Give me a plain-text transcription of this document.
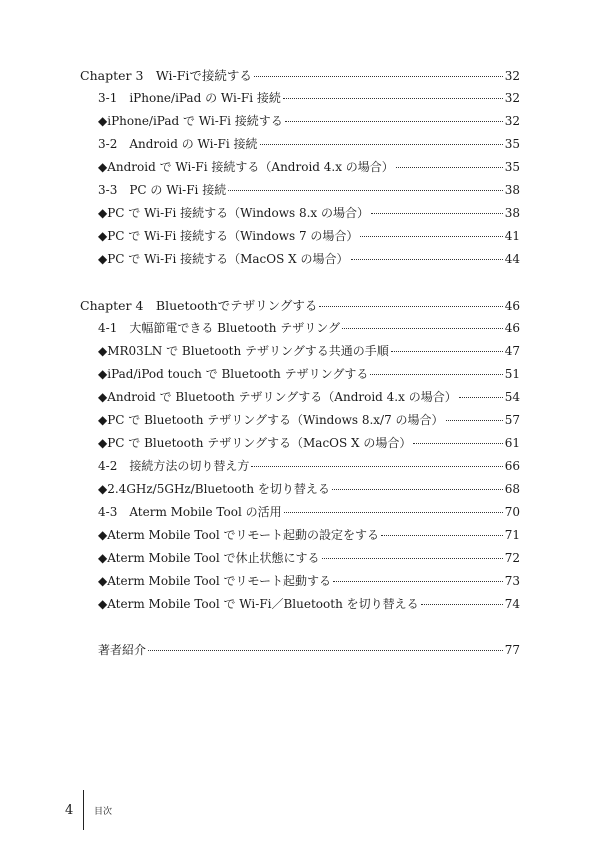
Chapter 3　Wi-Fiで接続する	32
3-1　iPhone/iPad の Wi-Fi 接続	32
◆iPhone/iPad で Wi-Fi 接続する	32
3-2　Android の Wi-Fi 接続	35
◆Android で Wi-Fi 接続する（Android 4.x の場合）	35
3-3　PC の Wi-Fi 接続	38
◆PC で Wi-Fi 接続する（Windows 8.x の場合）	38
◆PC で Wi-Fi 接続する（Windows 7 の場合）	41
◆PC で Wi-Fi 接続する（MacOS X の場合）	44
Chapter 4　Bluetoothでテザリングする	46
4-1　大幅節電できる Bluetooth テザリング	46
◆MR03LN で Bluetooth テザリングする共通の手順	47
◆iPad/iPod touch で Bluetooth テザリングする	51
◆Android で Bluetooth テザリングする（Android 4.x の場合）	54
◆PC で Bluetooth テザリングする（Windows 8.x/7 の場合）	57
◆PC で Bluetooth テザリングする（MacOS X の場合）	61
4-2　接続方法の切り替え方	66
◆2.4GHz/5GHz/Bluetooth を切り替える	68
4-3　Aterm Mobile Tool の活用	70
◆Aterm Mobile Tool でリモート起動の設定をする	71
◆Aterm Mobile Tool で休止状態にする	72
◆Aterm Mobile Tool でリモート起動する	73
◆Aterm Mobile Tool で Wi-Fi／Bluetooth を切り替える	74
著者紹介	77
4	目次
